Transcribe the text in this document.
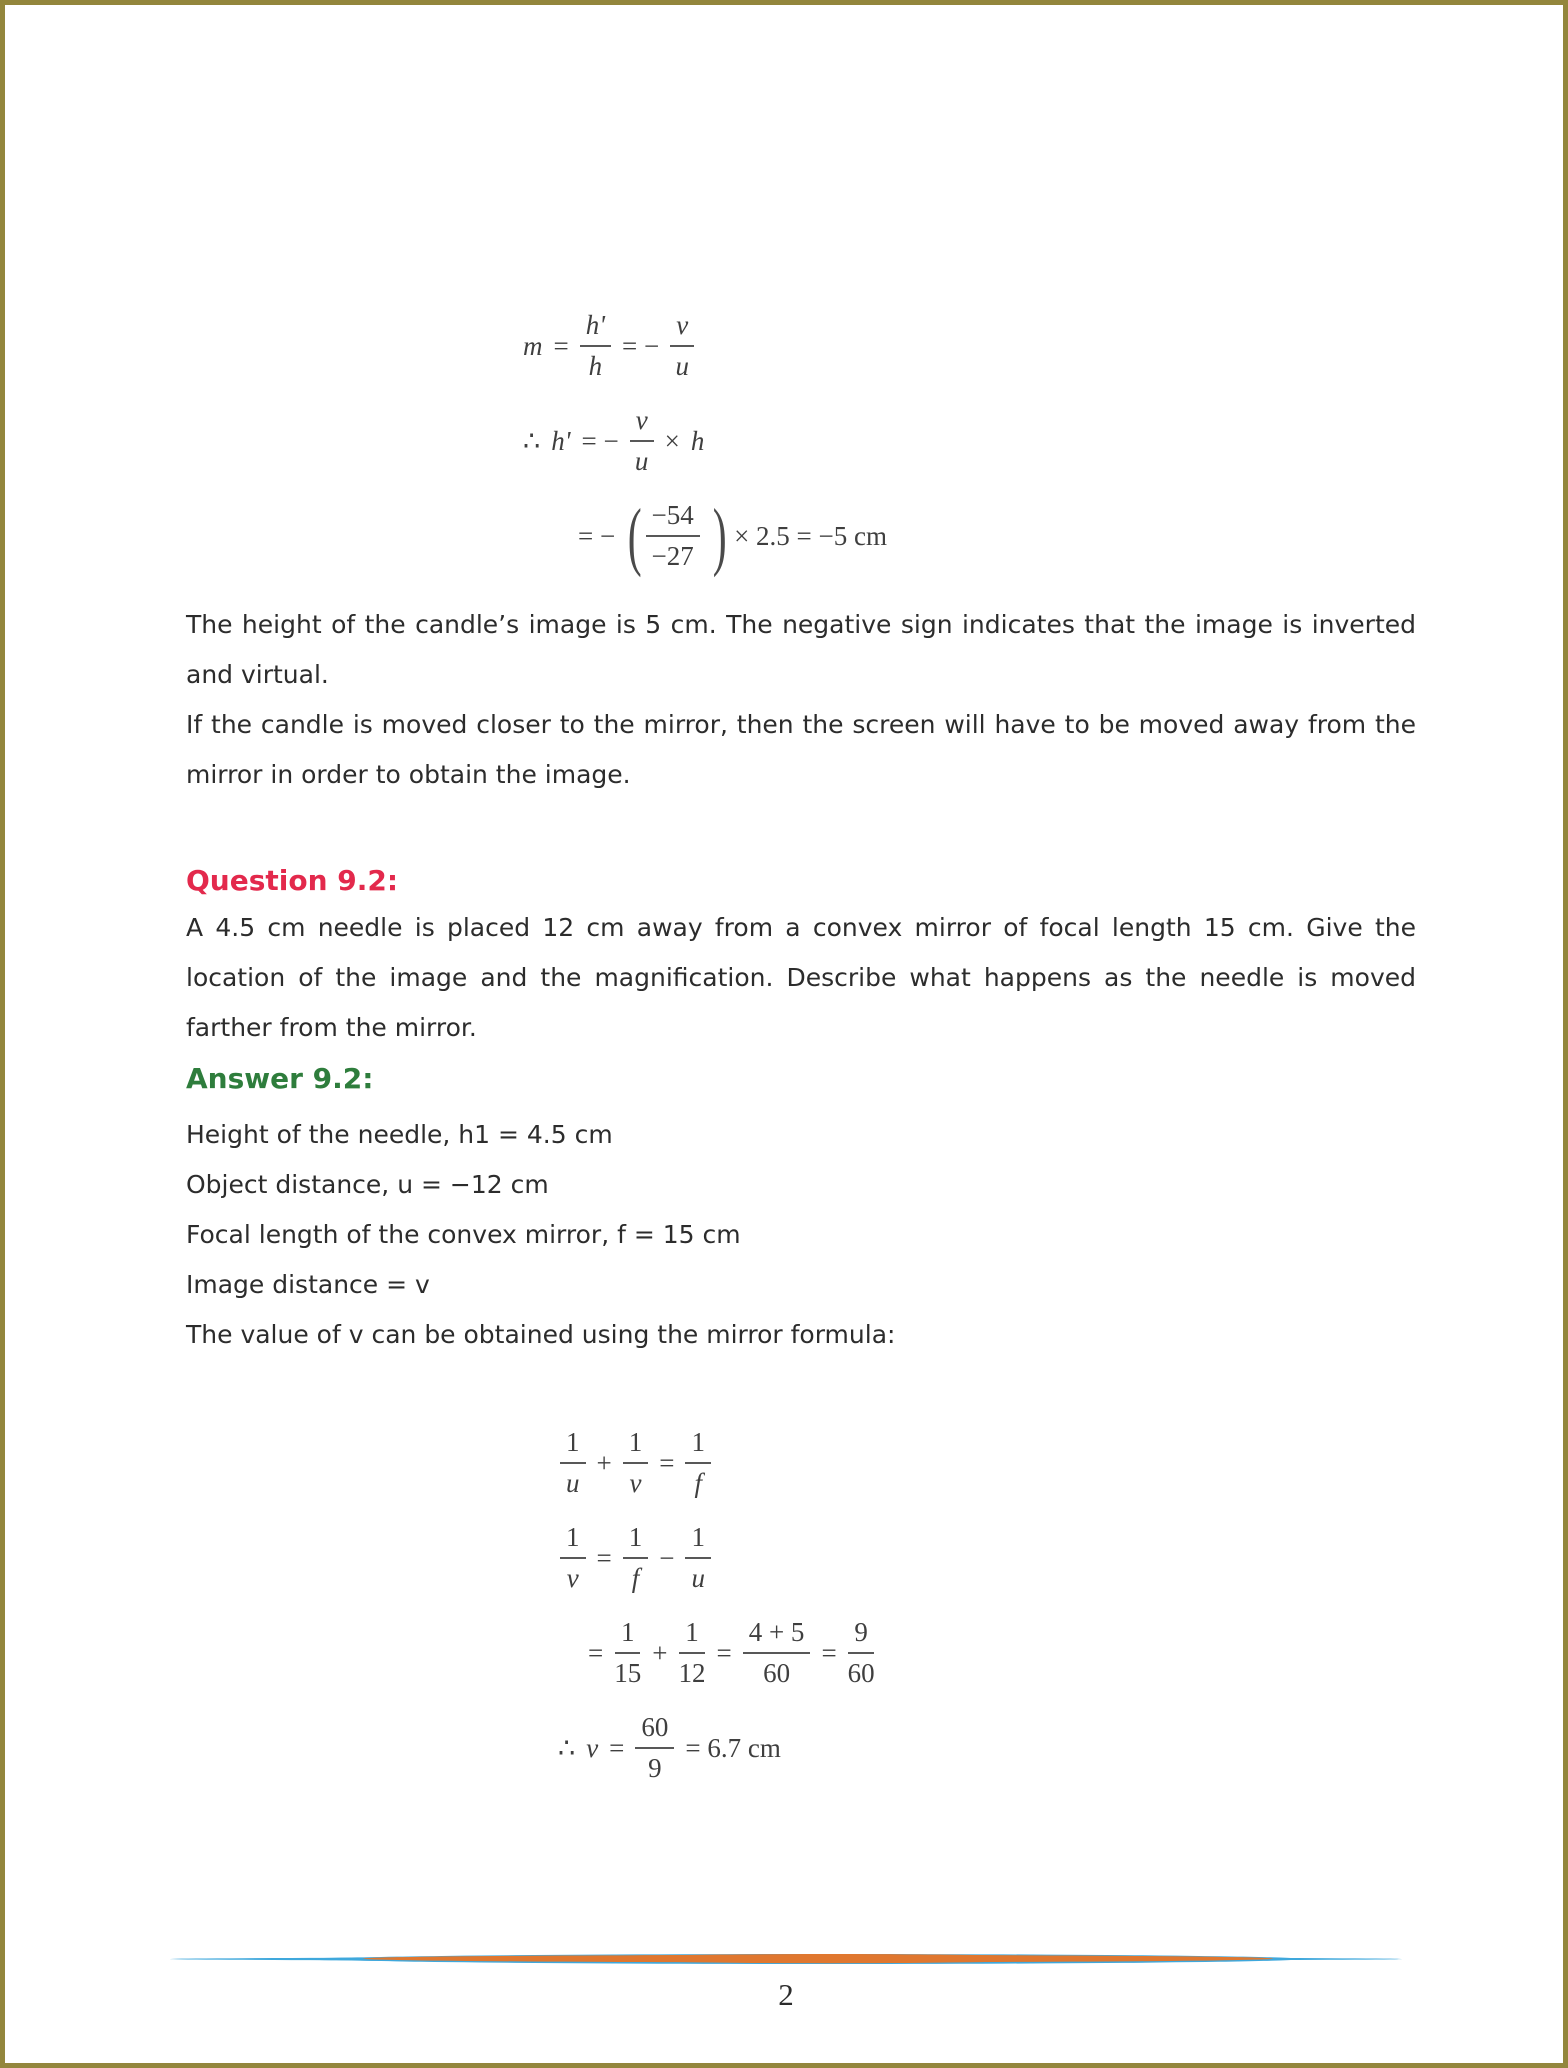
$m = \frac{h'}{h}$ = − $\frac{v}{u}$
∴ h' = − $\frac{v}{u} \times h$
= − ( $\frac{-54}{-27}$ ) × 2.5 = −5 cm

The height of the candle’s image is 5 cm. The negative sign indicates that the image is inverted and virtual.

If the candle is moved closer to the mirror, then the screen will have to be moved away from the mirror in order to obtain the image.

Question 9.2:

A 4.5 cm needle is placed 12 cm away from a convex mirror of focal length 15 cm. Give the location of the image and the magnification. Describe what happens as the needle is moved farther from the mirror.

Answer 9.2:
Height of the needle, h1 = 4.5 cm
Object distance, u = −12 cm
Focal length of the convex mirror, f = 15 cm
Image distance = v
The value of v can be obtained using the mirror formula:
$\frac{1}{u} + \frac{1}{v} = \frac{1}{f}$
$\frac{1}{v} = \frac{1}{f} - \frac{1}{u}$
= $\frac{1}{15} + \frac{1}{12} = \frac{4 + 5}{60} = \frac{9}{60}$
∴ $v = \frac{60}{9} = 6.7$ cm
2
